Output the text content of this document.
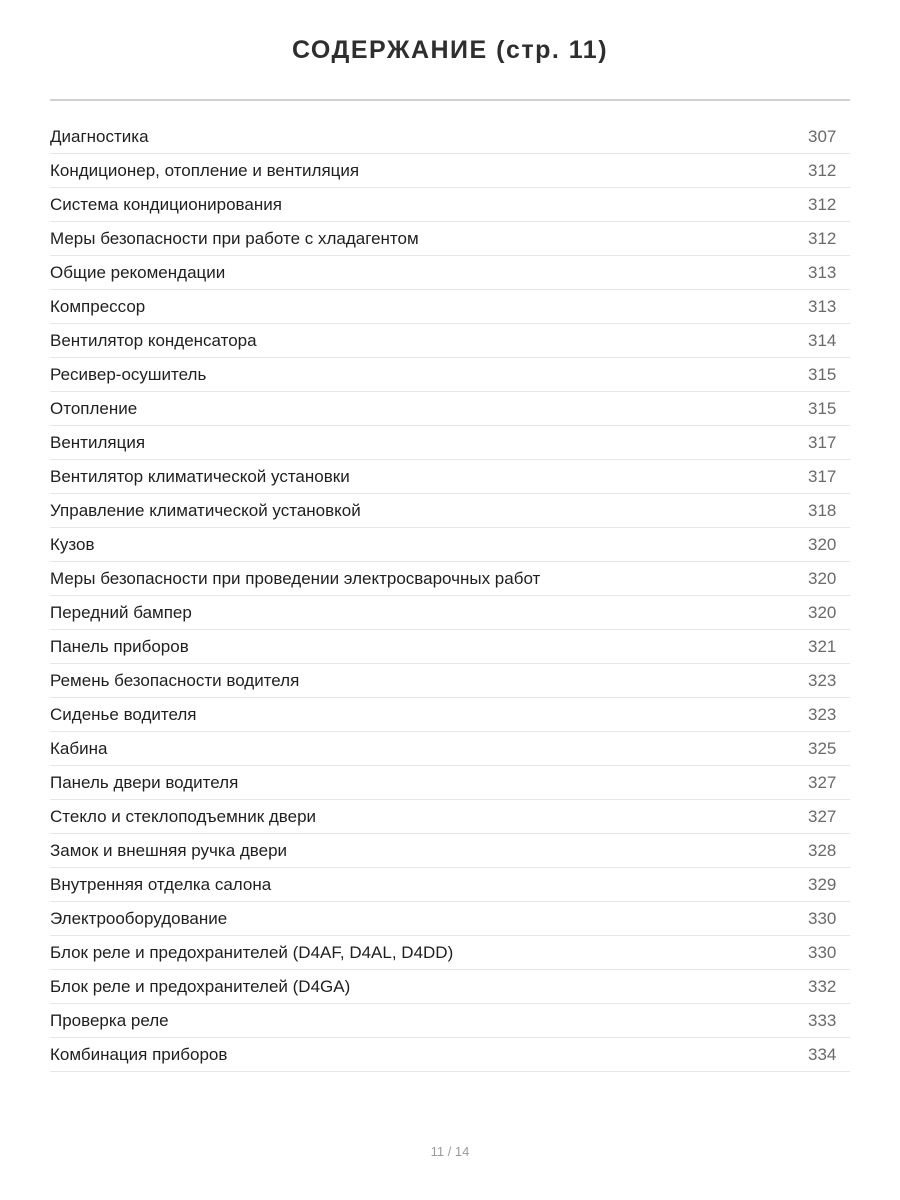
СОДЕРЖАНИЕ (стр. 11)
Диагностика	307
Кондиционер, отопление и вентиляция	312
Система кондиционирования	312
Меры безопасности при работе с хладагентом	312
Общие рекомендации	313
Компрессор	313
Вентилятор конденсатора	314
Ресивер-осушитель	315
Отопление	315
Вентиляция	317
Вентилятор климатической установки	317
Управление климатической установкой	318
Кузов	320
Меры безопасности при проведении электросварочных работ	320
Передний бампер	320
Панель приборов	321
Ремень безопасности водителя	323
Сиденье водителя	323
Кабина	325
Панель двери водителя	327
Стекло и стеклоподъемник двери	327
Замок и внешняя ручка двери	328
Внутренняя отделка салона	329
Электрооборудование	330
Блок реле и предохранителей (D4AF, D4AL, D4DD)	330
Блок реле и предохранителей (D4GA)	332
Проверка реле	333
Комбинация приборов	334
11 / 14
